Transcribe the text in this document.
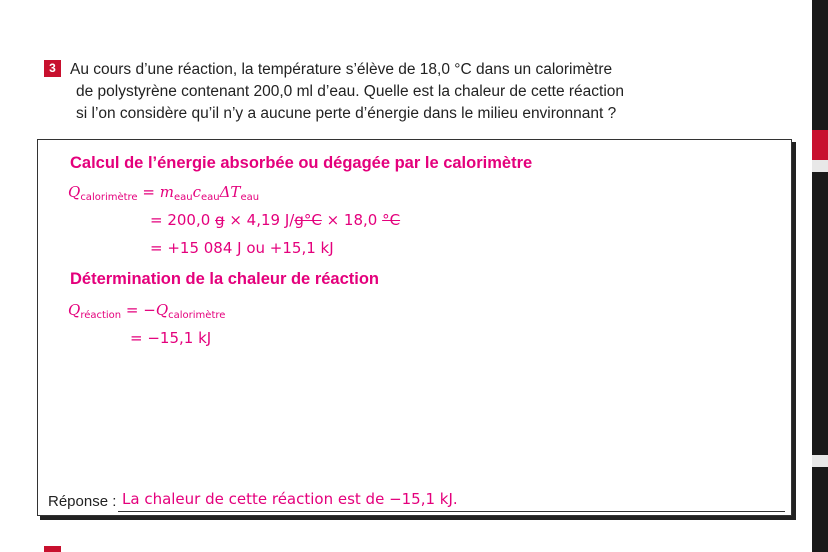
3 Au cours d’une réaction, la température s’élève de 18,0 °C dans un calorimètre
de polystyrène contenant 200,0 ml d’eau. Quelle est la chaleur de cette réaction
si l’on considère qu’il n’y a aucune perte d’énergie dans le milieu environnant ?
Calcul de l’énergie absorbée ou dégagée par le calorimètre
$Q_{calorimètre} = m_{eau}c_{eau}\Delta T_{eau}$
= 200,0 g × 4,19 J/g°C × 18,0 °C
= +15 084 J ou +15,1 kJ
Détermination de la chaleur de réaction
$Q_{réaction} = -Q_{calorimètre}$
= −15,1 kJ
Réponse : La chaleur de cette réaction est de −15,1 kJ.
